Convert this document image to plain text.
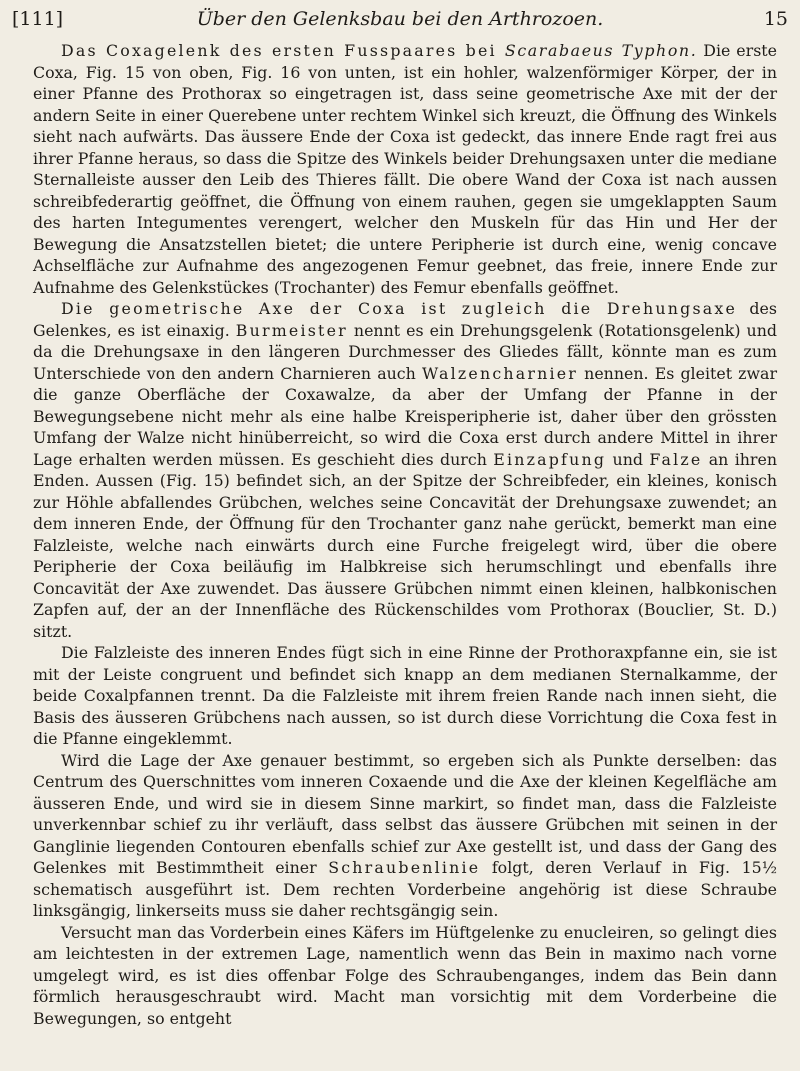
[111]	Über den Gelenksbau bei den Arthrozoen.	15

Das Coxagelenk des ersten Fusspaares bei Scarabaeus Typhon. Die erste Coxa, Fig. 15 von oben, Fig. 16 von unten, ist ein hohler, walzenförmiger Körper, der in einer Pfanne des Prothorax so eingetragen ist, dass seine geometrische Axe mit der der andern Seite in einer Querebene unter rechtem Winkel sich kreuzt, die Öffnung des Winkels sieht nach aufwärts. Das äussere Ende der Coxa ist gedeckt, das innere Ende ragt frei aus ihrer Pfanne heraus, so dass die Spitze des Winkels beider Drehungsaxen unter die mediane Sternalleiste ausser den Leib des Thieres fällt. Die obere Wand der Coxa ist nach aussen schreibfederartig geöffnet, die Öffnung von einem rauhen, gegen sie umgeklappten Saum des harten Integumentes verengert, welcher den Muskeln für das Hin und Her der Bewegung die Ansatzstellen bietet; die untere Peripherie ist durch eine, wenig concave Achselfläche zur Aufnahme des angezogenen Femur geebnet, das freie, innere Ende zur Aufnahme des Gelenkstückes (Trochanter) des Femur ebenfalls geöffnet.

Die geometrische Axe der Coxa ist zugleich die Drehungsaxe des Gelenkes, es ist einaxig. Burmeister nennt es ein Drehungsgelenk (Rotationsgelenk) und da die Drehungsaxe in den längeren Durchmesser des Gliedes fällt, könnte man es zum Unterschiede von den andern Charnieren auch Walzencharnier nennen. Es gleitet zwar die ganze Oberfläche der Coxawalze, da aber der Umfang der Pfanne in der Bewegungsebene nicht mehr als eine halbe Kreisperipherie ist, daher über den grössten Umfang der Walze nicht hinüberreicht, so wird die Coxa erst durch andere Mittel in ihrer Lage erhalten werden müssen. Es geschieht dies durch Einzapfung und Falze an ihren Enden. Aussen (Fig. 15) befindet sich, an der Spitze der Schreibfeder, ein kleines, konisch zur Höhle abfallendes Grübchen, welches seine Concavität der Drehungsaxe zuwendet; an dem inneren Ende, der Öffnung für den Trochanter ganz nahe gerückt, bemerkt man eine Falzleiste, welche nach einwärts durch eine Furche freigelegt wird, über die obere Peripherie der Coxa beiläufig im Halbkreise sich herumschlingt und ebenfalls ihre Concavität der Axe zuwendet. Das äussere Grübchen nimmt einen kleinen, halbkonischen Zapfen auf, der an der Innenfläche des Rückenschildes vom Prothorax (Bouclier, St. D.) sitzt.

Die Falzleiste des inneren Endes fügt sich in eine Rinne der Prothoraxpfanne ein, sie ist mit der Leiste congruent und befindet sich knapp an dem medianen Sternalkamme, der beide Coxalpfannen trennt. Da die Falzleiste mit ihrem freien Rande nach innen sieht, die Basis des äusseren Grübchens nach aussen, so ist durch diese Vorrichtung die Coxa fest in die Pfanne eingeklemmt.

Wird die Lage der Axe genauer bestimmt, so ergeben sich als Punkte derselben: das Centrum des Querschnittes vom inneren Coxaende und die Axe der kleinen Kegelfläche am äusseren Ende, und wird sie in diesem Sinne markirt, so findet man, dass die Falzleiste unverkennbar schief zu ihr verläuft, dass selbst das äussere Grübchen mit seinen in der Ganglinie liegenden Contouren ebenfalls schief zur Axe gestellt ist, und dass der Gang des Gelenkes mit Bestimmtheit einer Schraubenlinie folgt, deren Verlauf in Fig. 15½ schematisch ausgeführt ist. Dem rechten Vorderbeine angehörig ist diese Schraube linksgängig, linkerseits muss sie daher rechtsgängig sein.

Versucht man das Vorderbein eines Käfers im Hüftgelenke zu enucleiren, so gelingt dies am leichtesten in der extremen Lage, namentlich wenn das Bein in maximo nach vorne umgelegt wird, es ist dies offenbar Folge des Schraubenganges, indem das Bein dann förmlich herausgeschraubt wird. Macht man vorsichtig mit dem Vorderbeine die Bewegungen, so entgeht
